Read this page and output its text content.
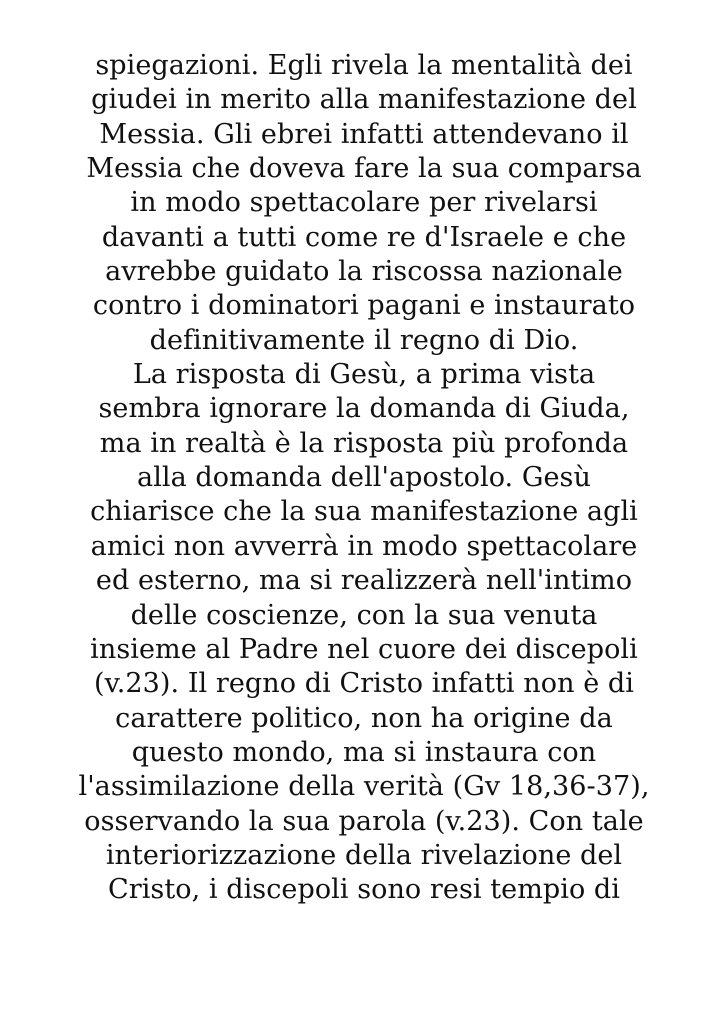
spiegazioni. Egli rivela la mentalità dei giudei in merito alla manifestazione del Messia. Gli ebrei infatti attendevano il Messia che doveva fare la sua comparsa in modo spettacolare per rivelarsi davanti a tutti come re d'Israele e che avrebbe guidato la riscossa nazionale contro i dominatori pagani e instaurato definitivamente il regno di Dio. La risposta di Gesù, a prima vista sembra ignorare la domanda di Giuda, ma in realtà è la risposta più profonda alla domanda dell'apostolo. Gesù chiarisce che la sua manifestazione agli amici non avverrà in modo spettacolare ed esterno, ma si realizzerà nell'intimo delle coscienze, con la sua venuta insieme al Padre nel cuore dei discepoli (v.23). Il regno di Cristo infatti non è di carattere politico, non ha origine da questo mondo, ma si instaura con l'assimilazione della verità (Gv 18,36-37), osservando la sua parola (v.23). Con tale interiorizzazione della rivelazione del Cristo, i discepoli sono resi tempio di
